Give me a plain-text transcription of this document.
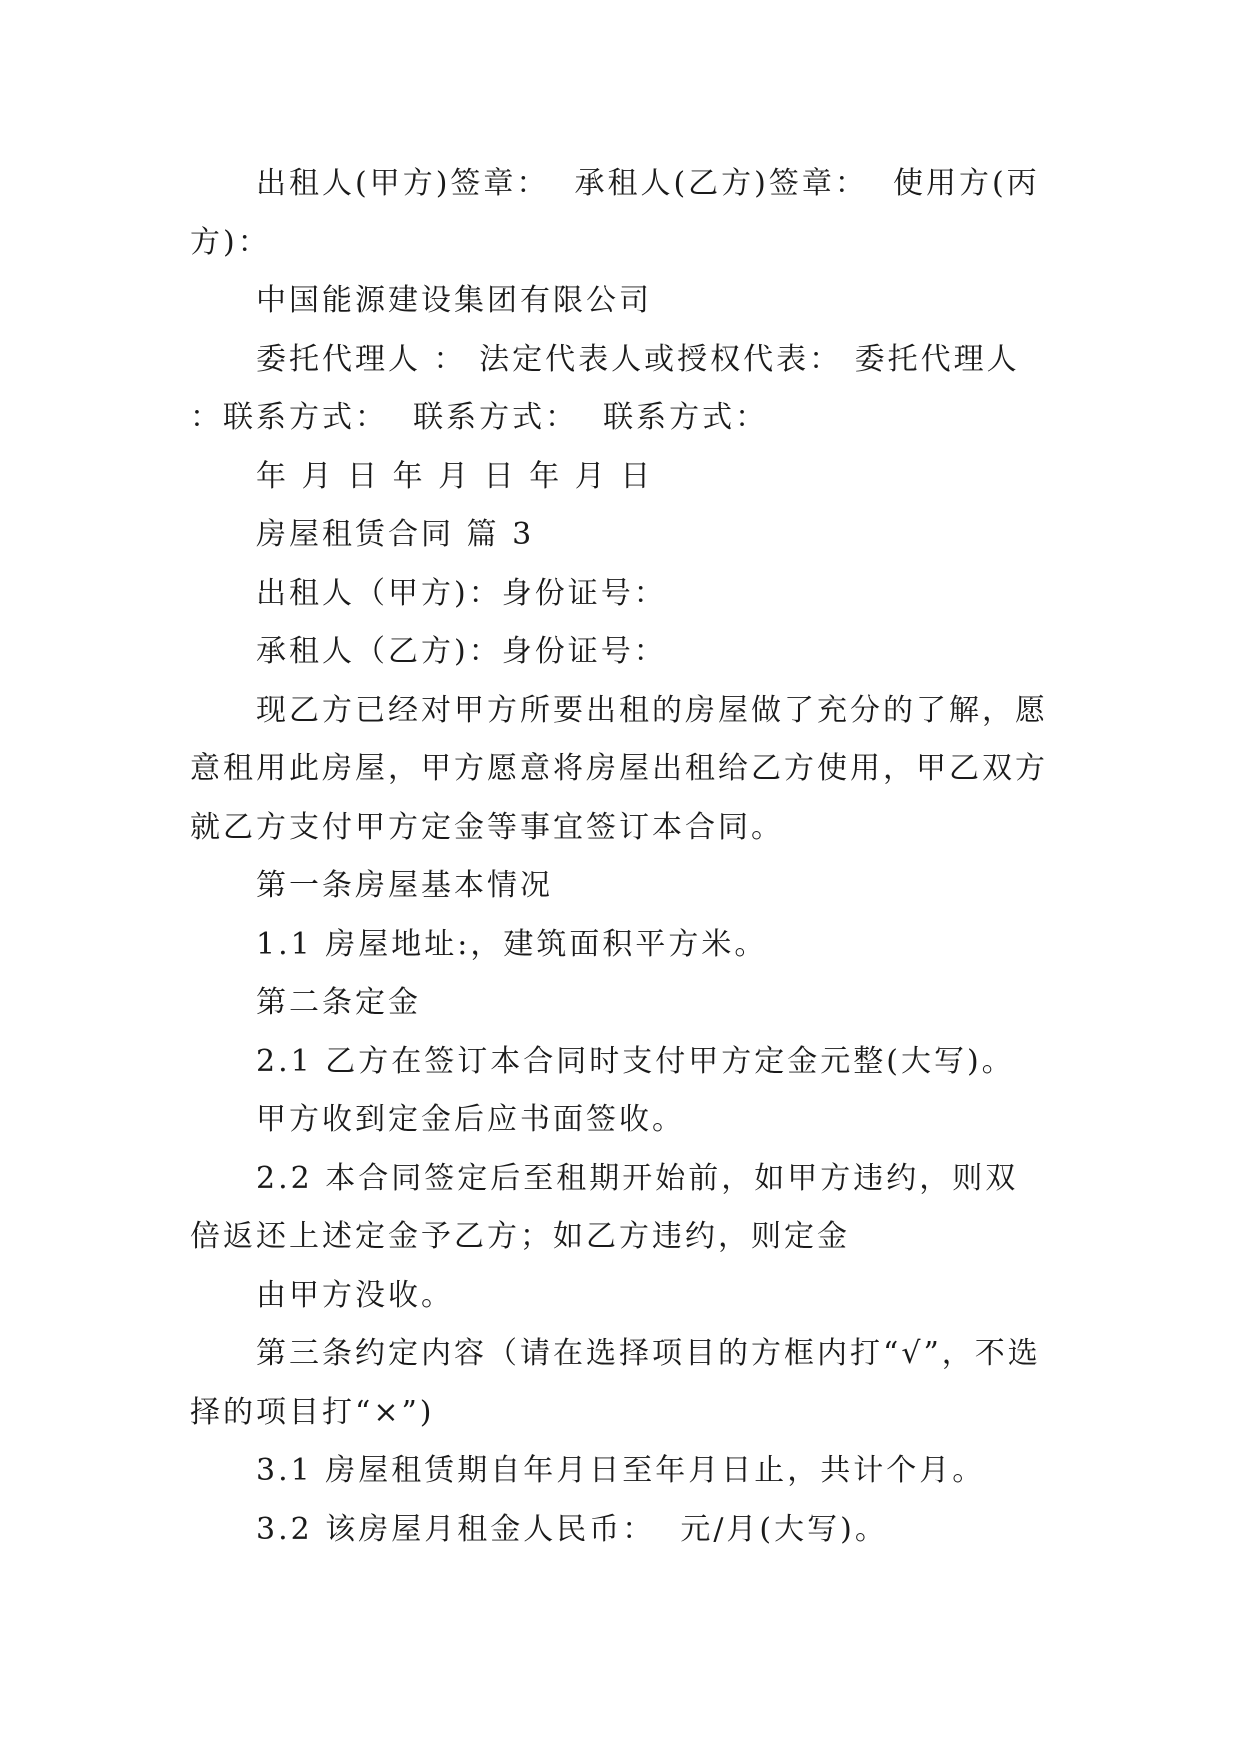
出租人(甲方)签章：  承租人(乙方)签章：  使用方(丙方)：

中国能源建设集团有限公司

委托代理人 ： 法定代表人或授权代表： 委托代理人 ：联系方式：  联系方式：  联系方式：

年 月 日 年 月 日 年 月 日

房屋租赁合同 篇 3

出租人（甲方)：身份证号：

承租人（乙方)：身份证号：

现乙方已经对甲方所要出租的房屋做了充分的了解，愿意租用此房屋，甲方愿意将房屋出租给乙方使用，甲乙双方就乙方支付甲方定金等事宜签订本合同。

第一条房屋基本情况

1.1 房屋地址:，建筑面积平方米。

第二条定金

2.1 乙方在签订本合同时支付甲方定金元整(大写)。

甲方收到定金后应书面签收。

2.2 本合同签定后至租期开始前，如甲方违约，则双倍返还上述定金予乙方；如乙方违约，则定金

由甲方没收。

第三条约定内容（请在选择项目的方框内打“√”，不选择的项目打“×”)

3.1 房屋租赁期自年月日至年月日止，共计个月。

3.2 该房屋月租金人民币：  元/月(大写)。
